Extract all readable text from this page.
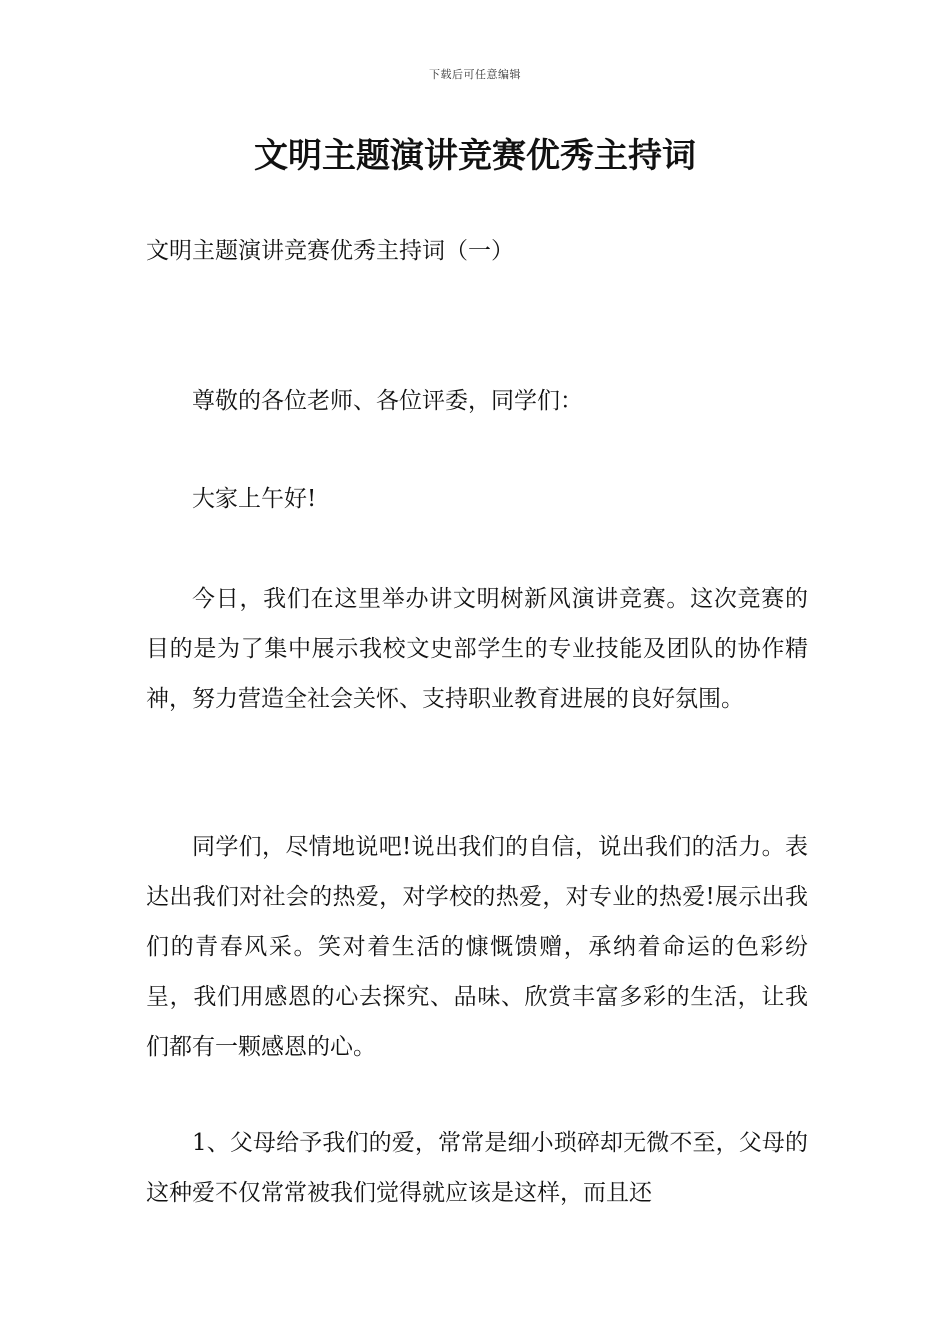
下载后可任意编辑
文明主题演讲竞赛优秀主持词

文明主题演讲竞赛优秀主持词（一）

尊敬的各位老师、各位评委，同学们：

大家上午好!

今日，我们在这里举办讲文明树新风演讲竞赛。这次竞赛的目的是为了集中展示我校文史部学生的专业技能及团队的协作精神，努力营造全社会关怀、支持职业教育进展的良好氛围。

同学们，尽情地说吧!说出我们的自信，说出我们的活力。表达出我们对社会的热爱，对学校的热爱，对专业的热爱!展示出我们的青春风采。笑对着生活的慷慨馈赠，承纳着命运的色彩纷呈，我们用感恩的心去探究、品味、欣赏丰富多彩的生活，让我们都有一颗感恩的心。

1、父母给予我们的爱，常常是细小琐碎却无微不至，父母的这种爱不仅常常被我们觉得就应该是这样，而且还
